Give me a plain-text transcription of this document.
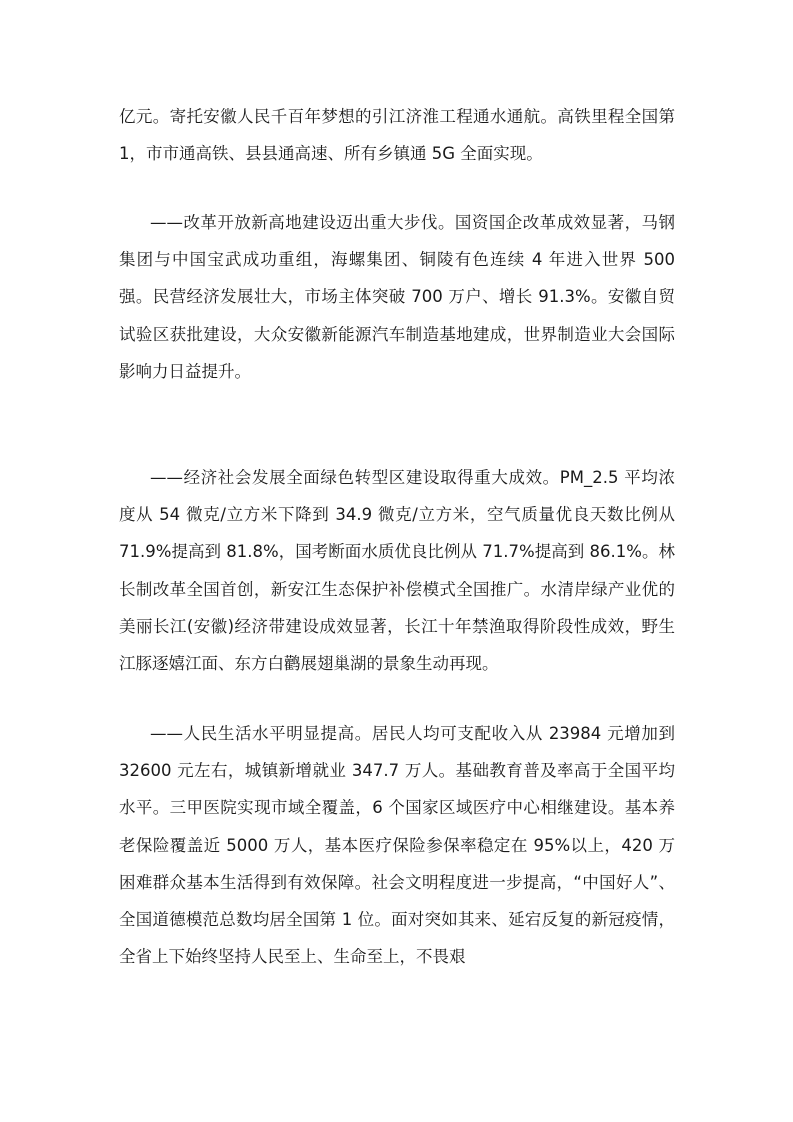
亿元。寄托安徽人民千百年梦想的引江济淮工程通水通航。高铁里程全国第 1，市市通高铁、县县通高速、所有乡镇通 5G 全面实现。

——改革开放新高地建设迈出重大步伐。国资国企改革成效显著，马钢集团与中国宝武成功重组，海螺集团、铜陵有色连续 4 年进入世界 500 强。民营经济发展壮大，市场主体突破 700 万户、增长 91.3%。安徽自贸试验区获批建设，大众安徽新能源汽车制造基地建成，世界制造业大会国际影响力日益提升。

——经济社会发展全面绿色转型区建设取得重大成效。PM_2.5 平均浓度从 54 微克/立方米下降到 34.9 微克/立方米，空气质量优良天数比例从 71.9%提高到 81.8%，国考断面水质优良比例从 71.7%提高到 86.1%。林长制改革全国首创，新安江生态保护补偿模式全国推广。水清岸绿产业优的美丽长江(安徽)经济带建设成效显著，长江十年禁渔取得阶段性成效，野生江豚逐嬉江面、东方白鹳展翅巢湖的景象生动再现。

——人民生活水平明显提高。居民人均可支配收入从 23984 元增加到 32600 元左右，城镇新增就业 347.7 万人。基础教育普及率高于全国平均水平。三甲医院实现市域全覆盖，6 个国家区域医疗中心相继建设。基本养老保险覆盖近 5000 万人，基本医疗保险参保率稳定在 95%以上，420 万困难群众基本生活得到有效保障。社会文明程度进一步提高，“中国好人”、全国道德模范总数均居全国第 1 位。面对突如其来、延宕反复的新冠疫情，全省上下始终坚持人民至上、生命至上，不畏艰
